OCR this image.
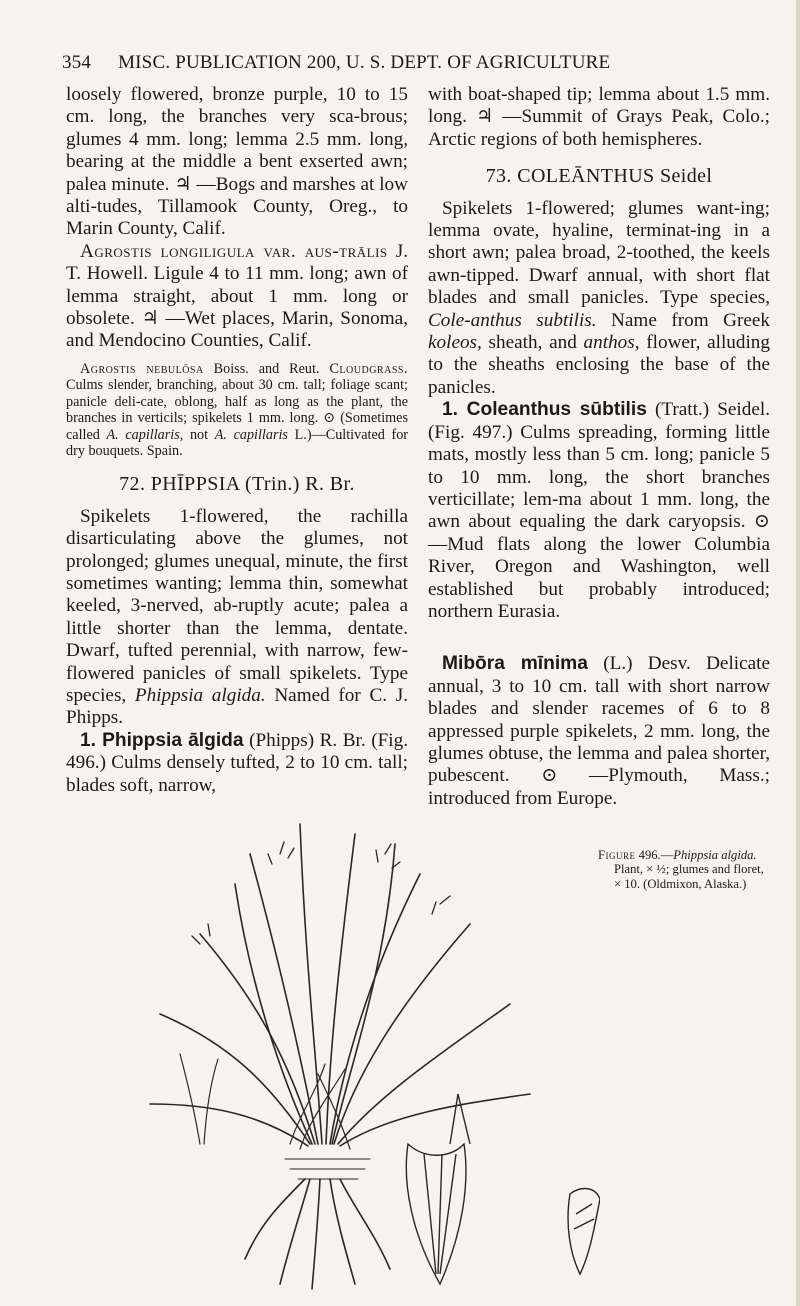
354 MISC. PUBLICATION 200, U. S. DEPT. OF AGRICULTURE

loosely flowered, bronze purple, 10 to 15 cm. long, the branches very sca-brous; glumes 4 mm. long; lemma 2.5 mm. long, bearing at the middle a bent exserted awn; palea minute. ♃ —Bogs and marshes at low alti-tudes, Tillamook County, Oreg., to Marin County, Calif.

Agrostis longiligula var. aus-trālis J. T. Howell. Ligule 4 to 11 mm. long; awn of lemma straight, about 1 mm. long or obsolete. ♃ —Wet places, Marin, Sonoma, and Mendocino Counties, Calif.

Agrostis nebulōsa Boiss. and Reut. Cloudgrass. Culms slender, branching, about 30 cm. tall; foliage scant; panicle deli-cate, oblong, half as long as the plant, the branches in verticils; spikelets 1 mm. long. ⊙ (Sometimes called A. capillaris, not A. capillaris L.)—Cultivated for dry bouquets. Spain.

72. PHĪPPSIA (Trin.) R. Br.

Spikelets 1-flowered, the rachilla disarticulating above the glumes, not prolonged; glumes unequal, minute, the first sometimes wanting; lemma thin, somewhat keeled, 3-nerved, ab-ruptly acute; palea a little shorter than the lemma, dentate. Dwarf, tufted perennial, with narrow, few-flowered panicles of small spikelets. Type species, Phippsia algida. Named for C. J. Phipps.

1. Phippsia ālgida (Phipps) R. Br. (Fig. 496.) Culms densely tufted, 2 to 10 cm. tall; blades soft, narrow,

with boat-shaped tip; lemma about 1.5 mm. long. ♃ —Summit of Grays Peak, Colo.; Arctic regions of both hemispheres.

73. COLEĀNTHUS Seidel

Spikelets 1-flowered; glumes want-ing; lemma ovate, hyaline, terminat-ing in a short awn; palea broad, 2-toothed, the keels awn-tipped. Dwarf annual, with short flat blades and small panicles. Type species, Cole-anthus subtilis. Name from Greek koleos, sheath, and anthos, flower, alluding to the sheaths enclosing the base of the panicles.

1. Coleanthus sūbtilis (Tratt.) Seidel. (Fig. 497.) Culms spreading, forming little mats, mostly less than 5 cm. long; panicle 5 to 10 mm. long, the short branches verticillate; lem-ma about 1 mm. long, the awn about equaling the dark caryopsis. ⊙ —Mud flats along the lower Columbia River, Oregon and Washington, well established but probably introduced; northern Eurasia.

Mibōra mīnima (L.) Desv. Delicate annual, 3 to 10 cm. tall with short narrow blades and slender racemes of 6 to 8 appressed purple spikelets, 2 mm. long, the glumes obtuse, the lemma and palea shorter, pubescent. ⊙ —Plymouth, Mass.; introduced from Europe.

Figure 496.—Phippsia algida.
Plant, × ½; glumes and floret,
× 10. (Oldmixon, Alaska.)
